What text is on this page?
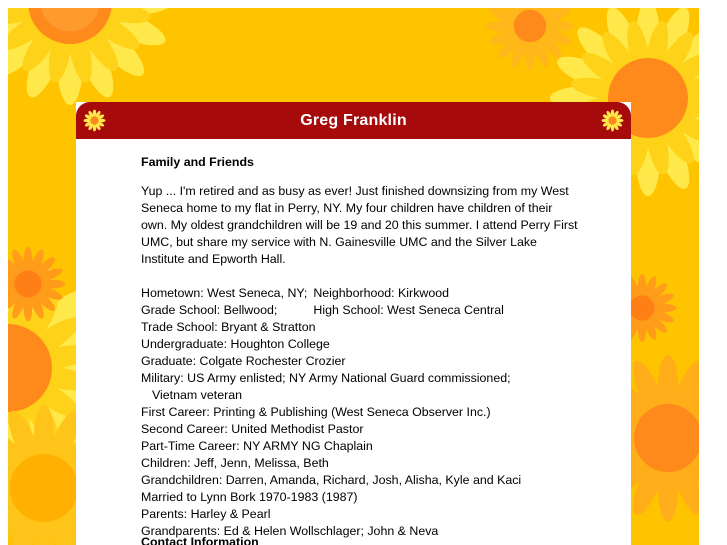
Greg Franklin
Family and Friends
Yup ... I'm retired and as busy as ever! Just finished downsizing from my West Seneca home to my flat in Perry, NY. My four children have children of their own. My oldest grandchildren will be 19 and 20 this summer. I attend Perry First UMC, but share my service with N. Gainesville UMC and the Silver Lake Institute and Epworth Hall.
Hometown: West Seneca, NY; Neighborhood: Kirkwood
Grade School: Bellwood;	High School: West Seneca Central
Trade School: Bryant & Stratton
Undergraduate: Houghton College
Graduate: Colgate Rochester Crozier
Military: US Army enlisted; NY Army National Guard commissioned;
Vietnam veteran
First Career: Printing & Publishing (West Seneca Observer Inc.)
Second Career: United Methodist Pastor
Part-Time Career: NY ARMY NG Chaplain
Children: Jeff, Jenn, Melissa, Beth
Grandchildren: Darren, Amanda, Richard, Josh, Alisha, Kyle and Kaci
Married to Lynn Bork 1970-1983 (1987)
Parents: Harley & Pearl
Grandparents: Ed & Helen Wollschlager; John & Neva
Contact Information
